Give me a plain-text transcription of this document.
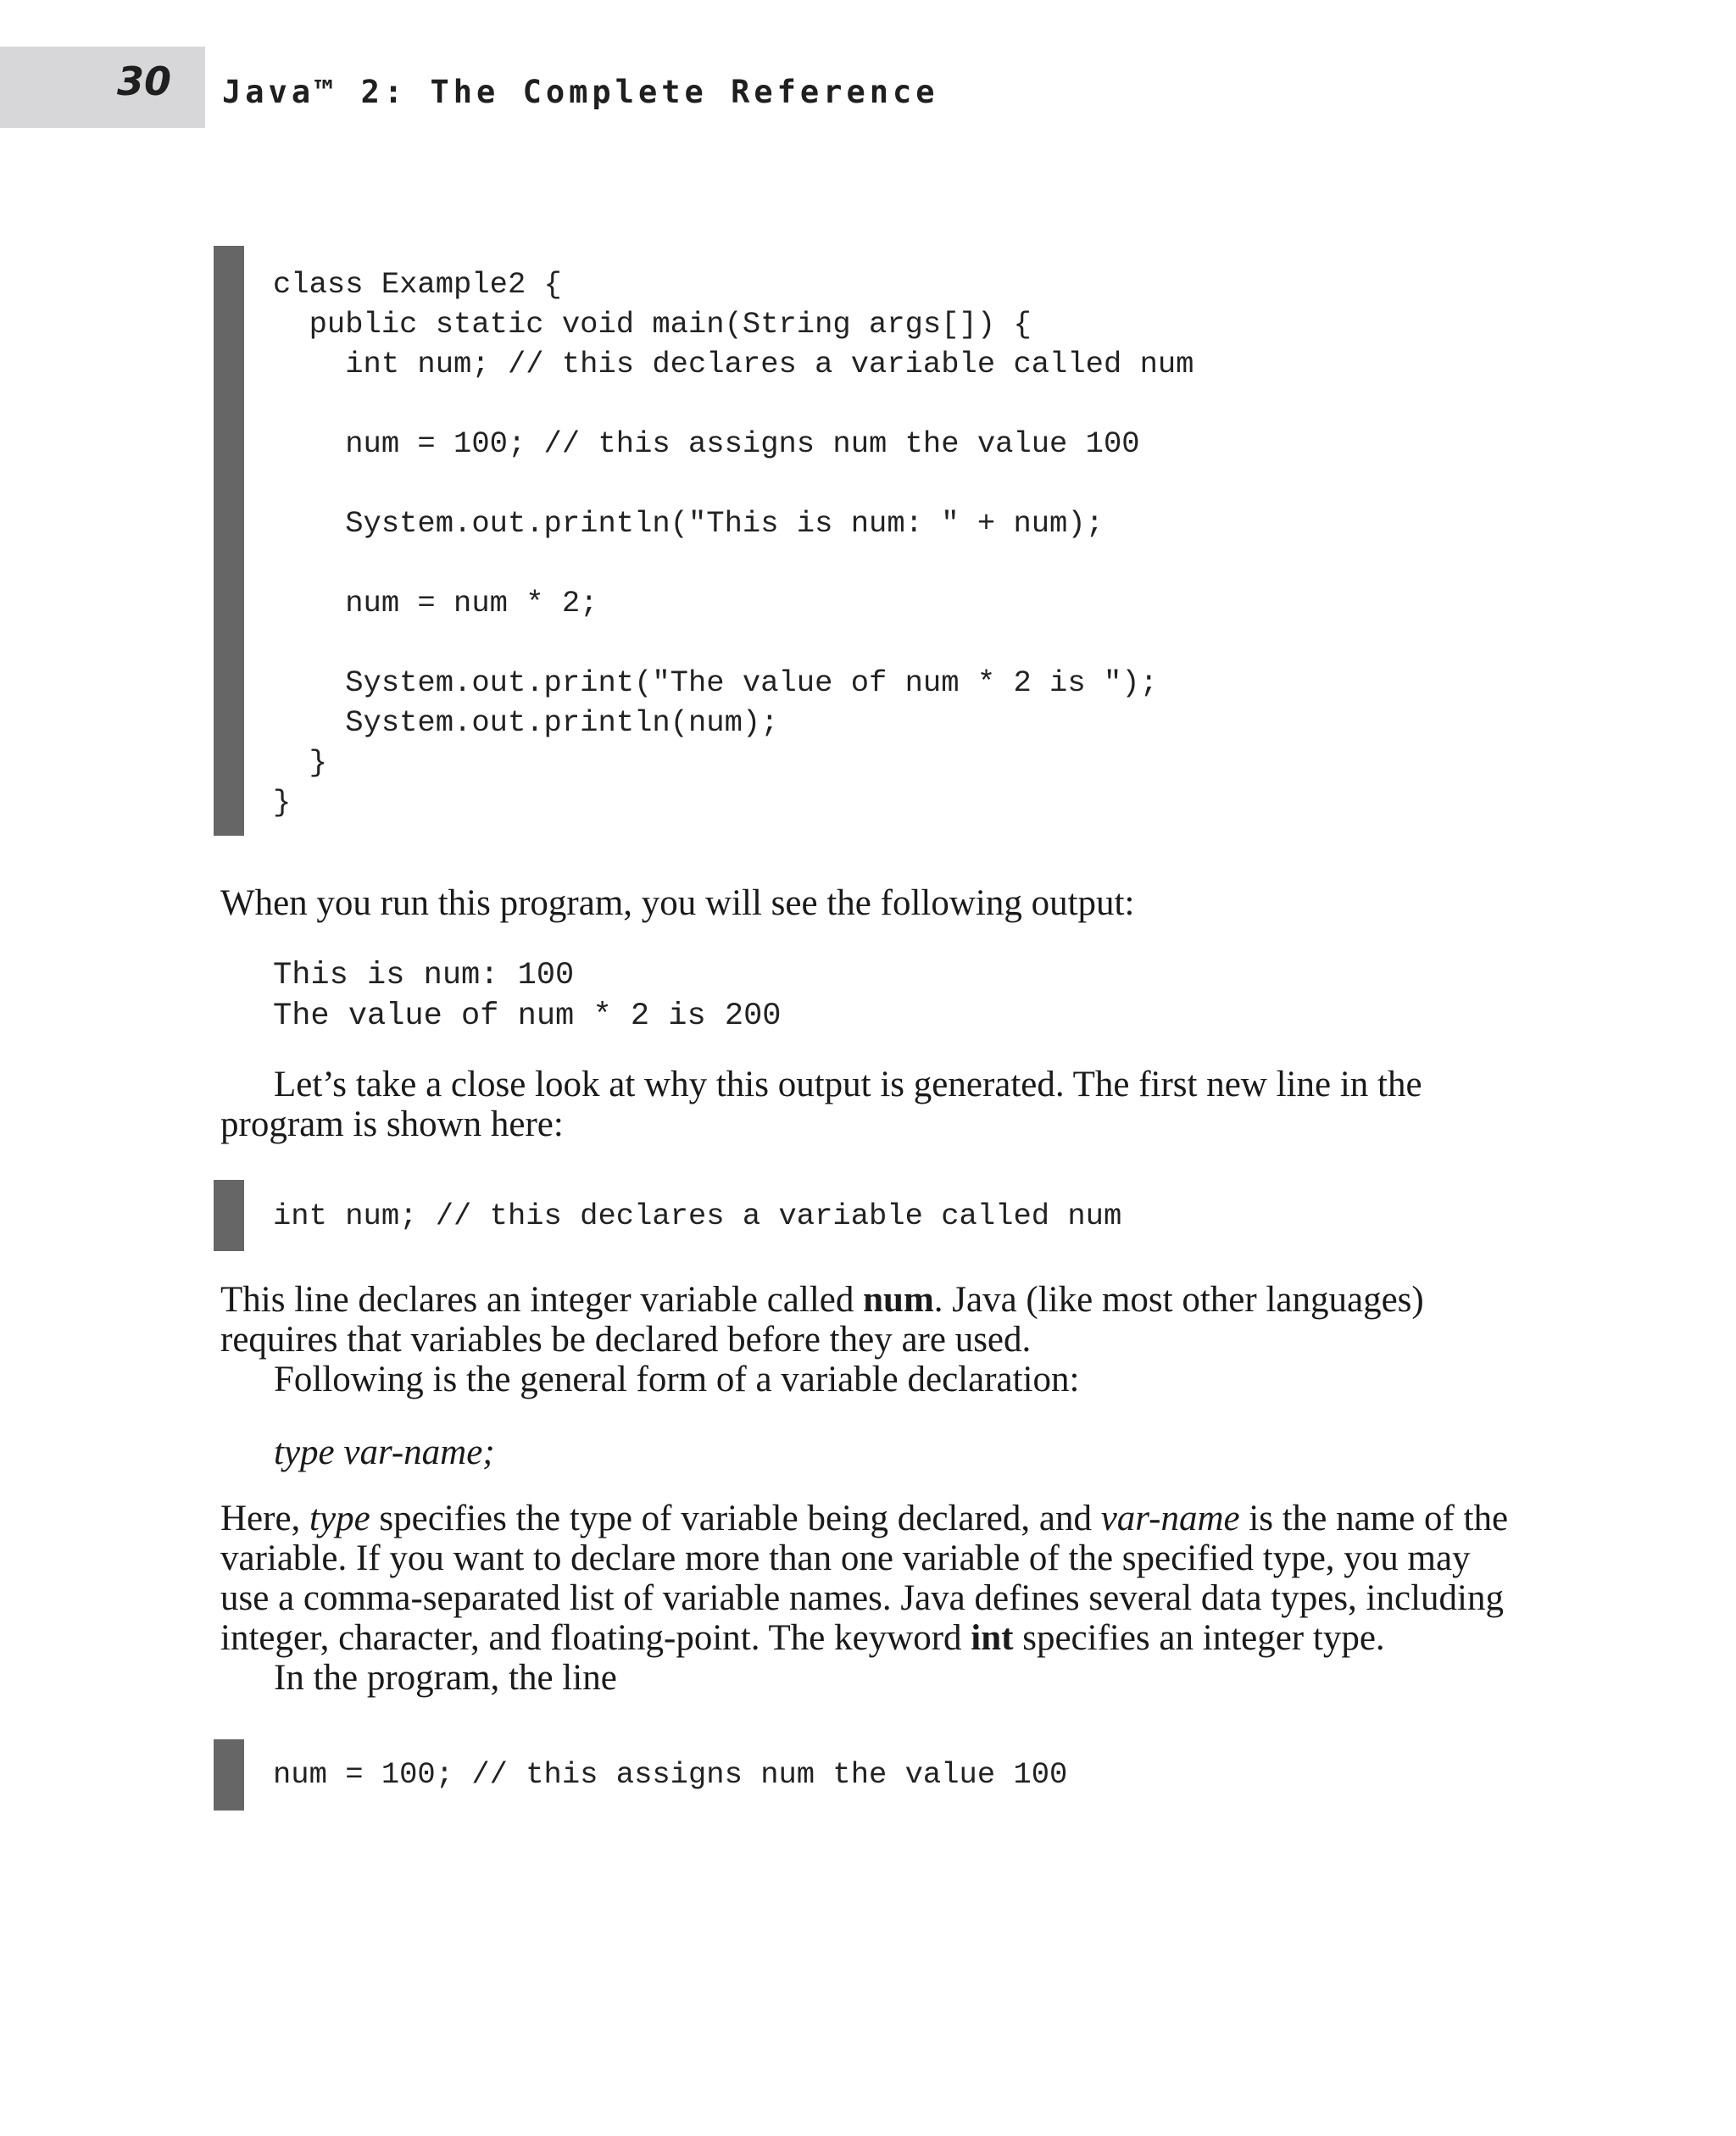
30 Java™ 2: The Complete Reference
class Example2 {
public static void main(String args[]) {
int num; // this declares a variable called num
num = 100; // this assigns num the value 100
System.out.println("This is num: " + num);
num = num * 2;
System.out.print("The value of num * 2 is ");
System.out.println(num);
}
}
When you run this program, you will see the following output:
This is num: 100
The value of num * 2 is 200
Let’s take a close look at why this output is generated. The first new line in the
program is shown here:
int num; // this declares a variable called num
This line declares an integer variable called num. Java (like most other languages)
requires that variables be declared before they are used.
Following is the general form of a variable declaration:
type var-name;
Here, type specifies the type of variable being declared, and var-name is the name of the
variable. If you want to declare more than one variable of the specified type, you may
use a comma-separated list of variable names. Java defines several data types, including
integer, character, and floating-point. The keyword int specifies an integer type.
In the program, the line
num = 100; // this assigns num the value 100
